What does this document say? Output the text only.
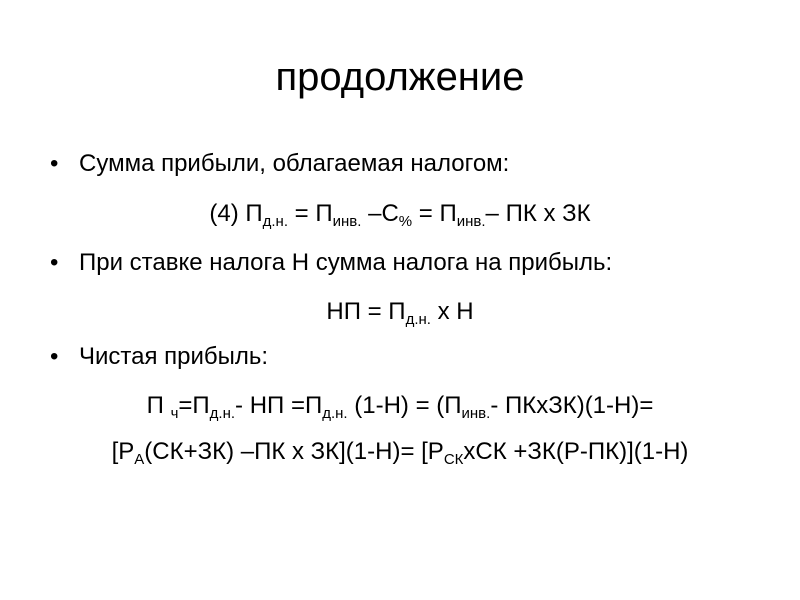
продолжение
• Сумма прибыли, облагаемая налогом:
(4) $П_{д.н.} = П_{инв.}$ $-С_{\%} = П_{инв.}-$ ПК х ЗК
• При ставке налога Н сумма налога на прибыль:
НП = $П_{д.н.}$ х Н
• Чистая прибыль:
П $_ч=П_{д.н.}-$ НП $=П_{д.н.}$ $(1-Н) = (П_{инв.}-$ ПКхЗК)(1-Н)=
[$Р_А(СК+ЗК)$ –ПК х $ЗК](1-Н)= [Р_{СК}хСК +ЗК(Р-ПК)](1-Н)$
